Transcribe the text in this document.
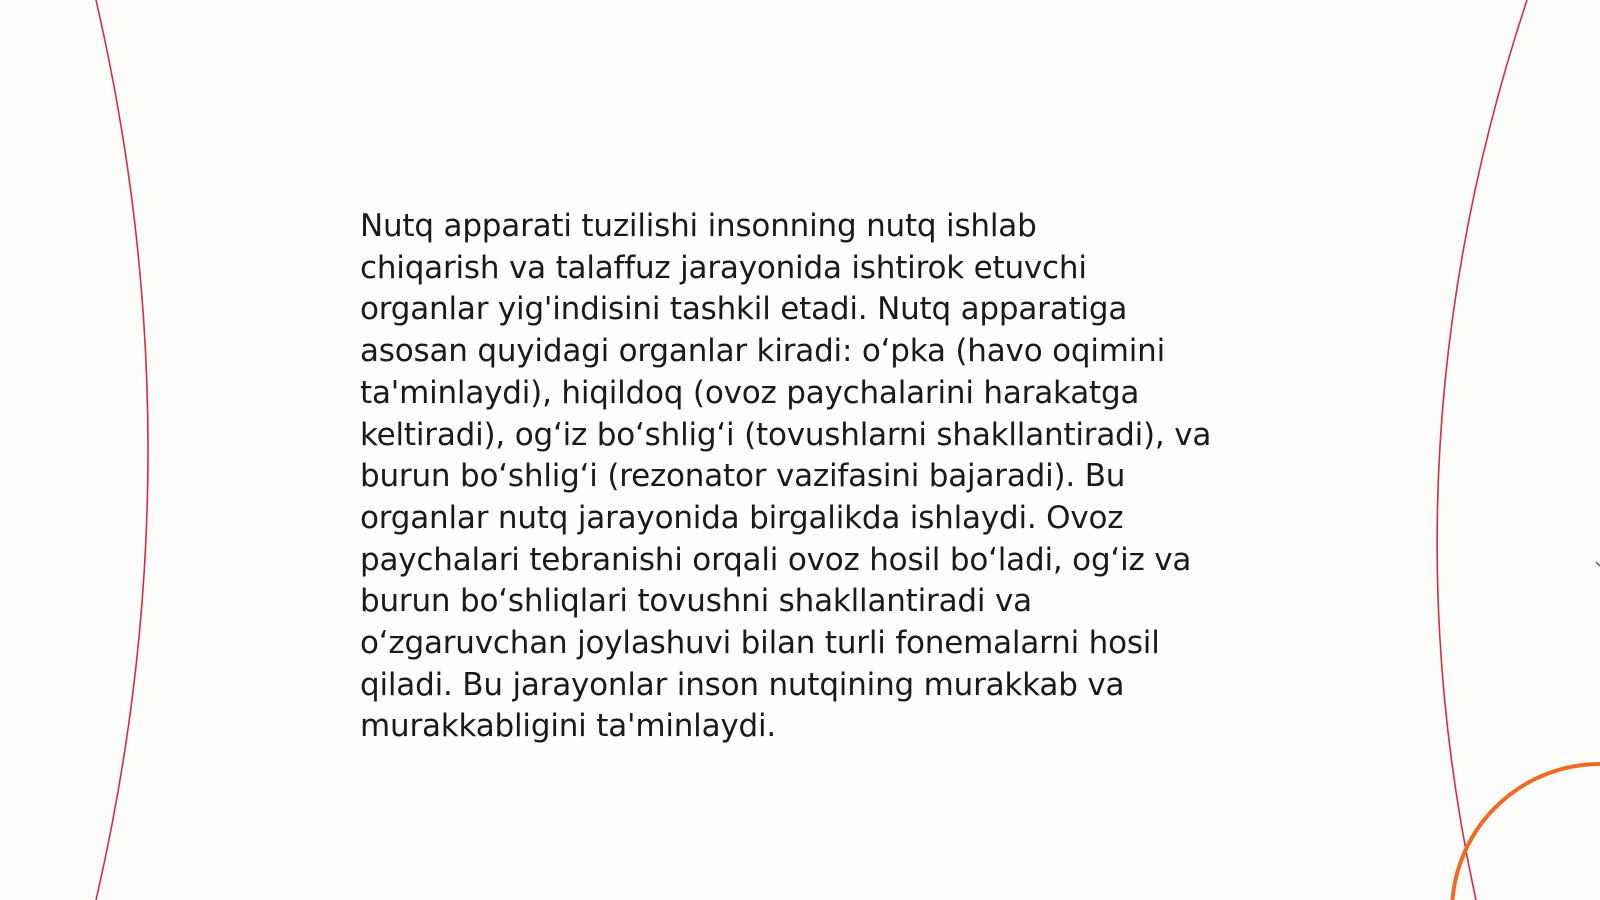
Nutq apparati tuzilishi insonning nutq ishlab
chiqarish va talaffuz jarayonida ishtirok etuvchi
organlar yig'indisini tashkil etadi. Nutq apparatiga
asosan quyidagi organlar kiradi: oʻpka (havo oqimini
ta'minlaydi), hiqildoq (ovoz paychalarini harakatga
keltiradi), ogʻiz boʻshligʻi (tovushlarni shakllantiradi), va
burun boʻshligʻi (rezonator vazifasini bajaradi). Bu
organlar nutq jarayonida birgalikda ishlaydi. Ovoz
paychalari tebranishi orqali ovoz hosil boʻladi, ogʻiz va
burun boʻshliqlari tovushni shakllantiradi va
oʻzgaruvchan joylashuvi bilan turli fonemalarni hosil
qiladi. Bu jarayonlar inson nutqining murakkab va
murakkabligini ta'minlaydi.
